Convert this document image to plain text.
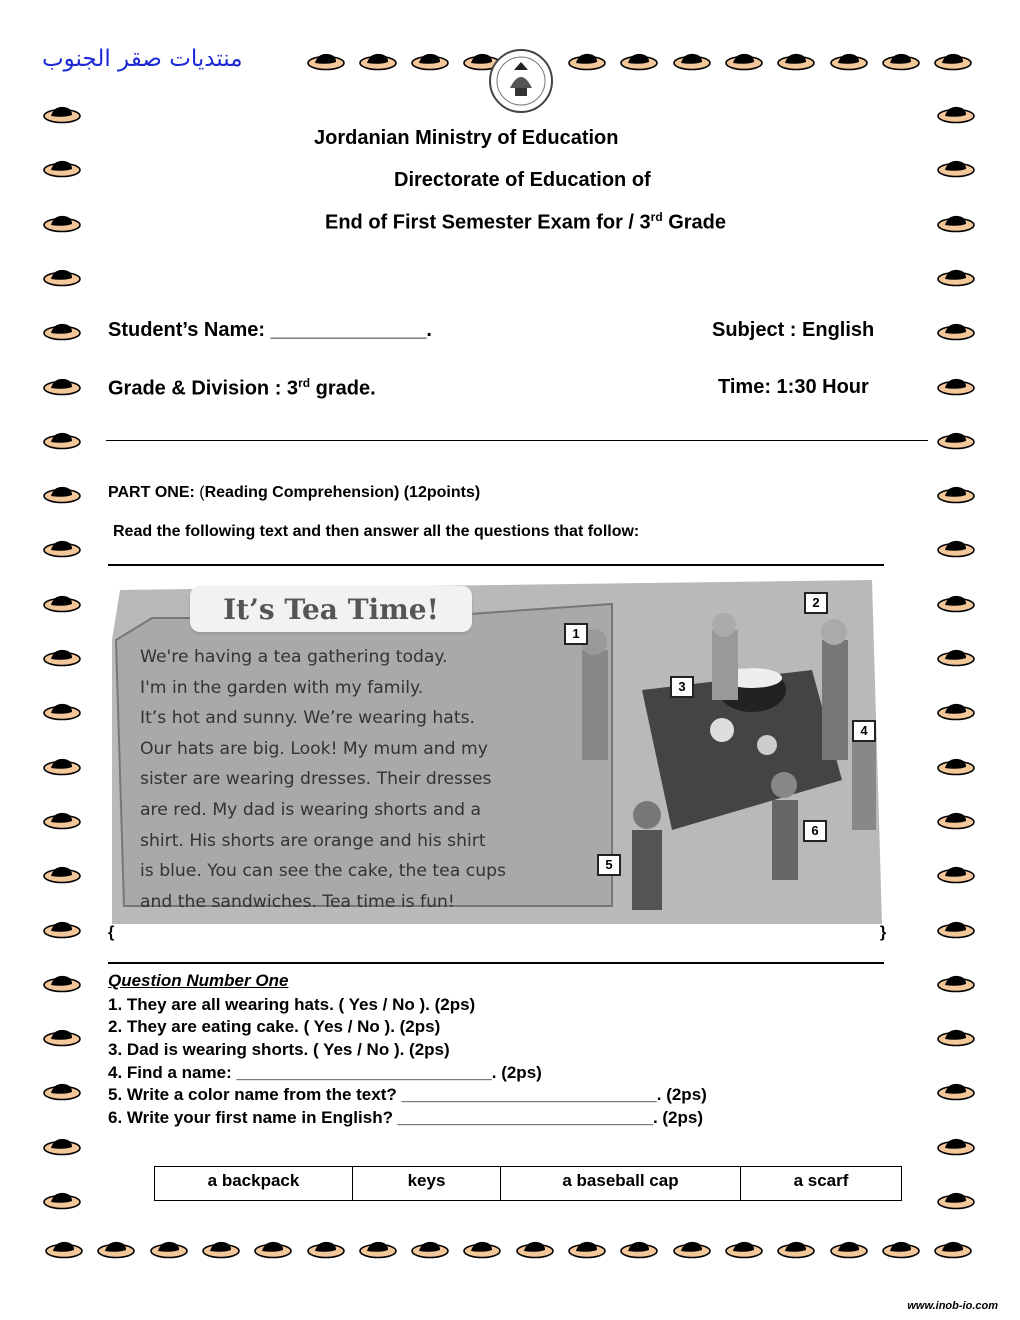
منتديات صقر الجنوب
Jordanian Ministry of Education
Directorate of Education of
End of First Semester Exam for / 3rd Grade
Student’s Name: ______________.	Subject : English
Grade & Division : 3rd grade.	Time: 1:30 Hour
PART ONE: (Reading Comprehension) (12points)
Read the following text and then answer all the questions that follow:
It’s Tea Time!
We're having a tea gathering today.
I'm in the garden with my family.
It’s hot and sunny. We’re wearing hats.
Our hats are big. Look! My mum and my
sister are wearing dresses. Their dresses
are red. My dad is wearing shorts and a
shirt. His shorts are orange and his shirt
is blue. You can see the cake, the tea cups
and the sandwiches. Tea time is fun!
1
2
3
4
5
6
{	}
Question Number One
1. They are all wearing hats. ( Yes / No ). (2ps)
2. They are eating cake. ( Yes / No ). (2ps)
3. Dad is wearing shorts. ( Yes / No ). (2ps)
4. Find a name: ___________________________. (2ps)
5. Write a color name from the text? ___________________________. (2ps)
6. Write your first name in English? ___________________________. (2ps)
a backpack	keys	a baseball cap	a scarf
www.inob-io.com
